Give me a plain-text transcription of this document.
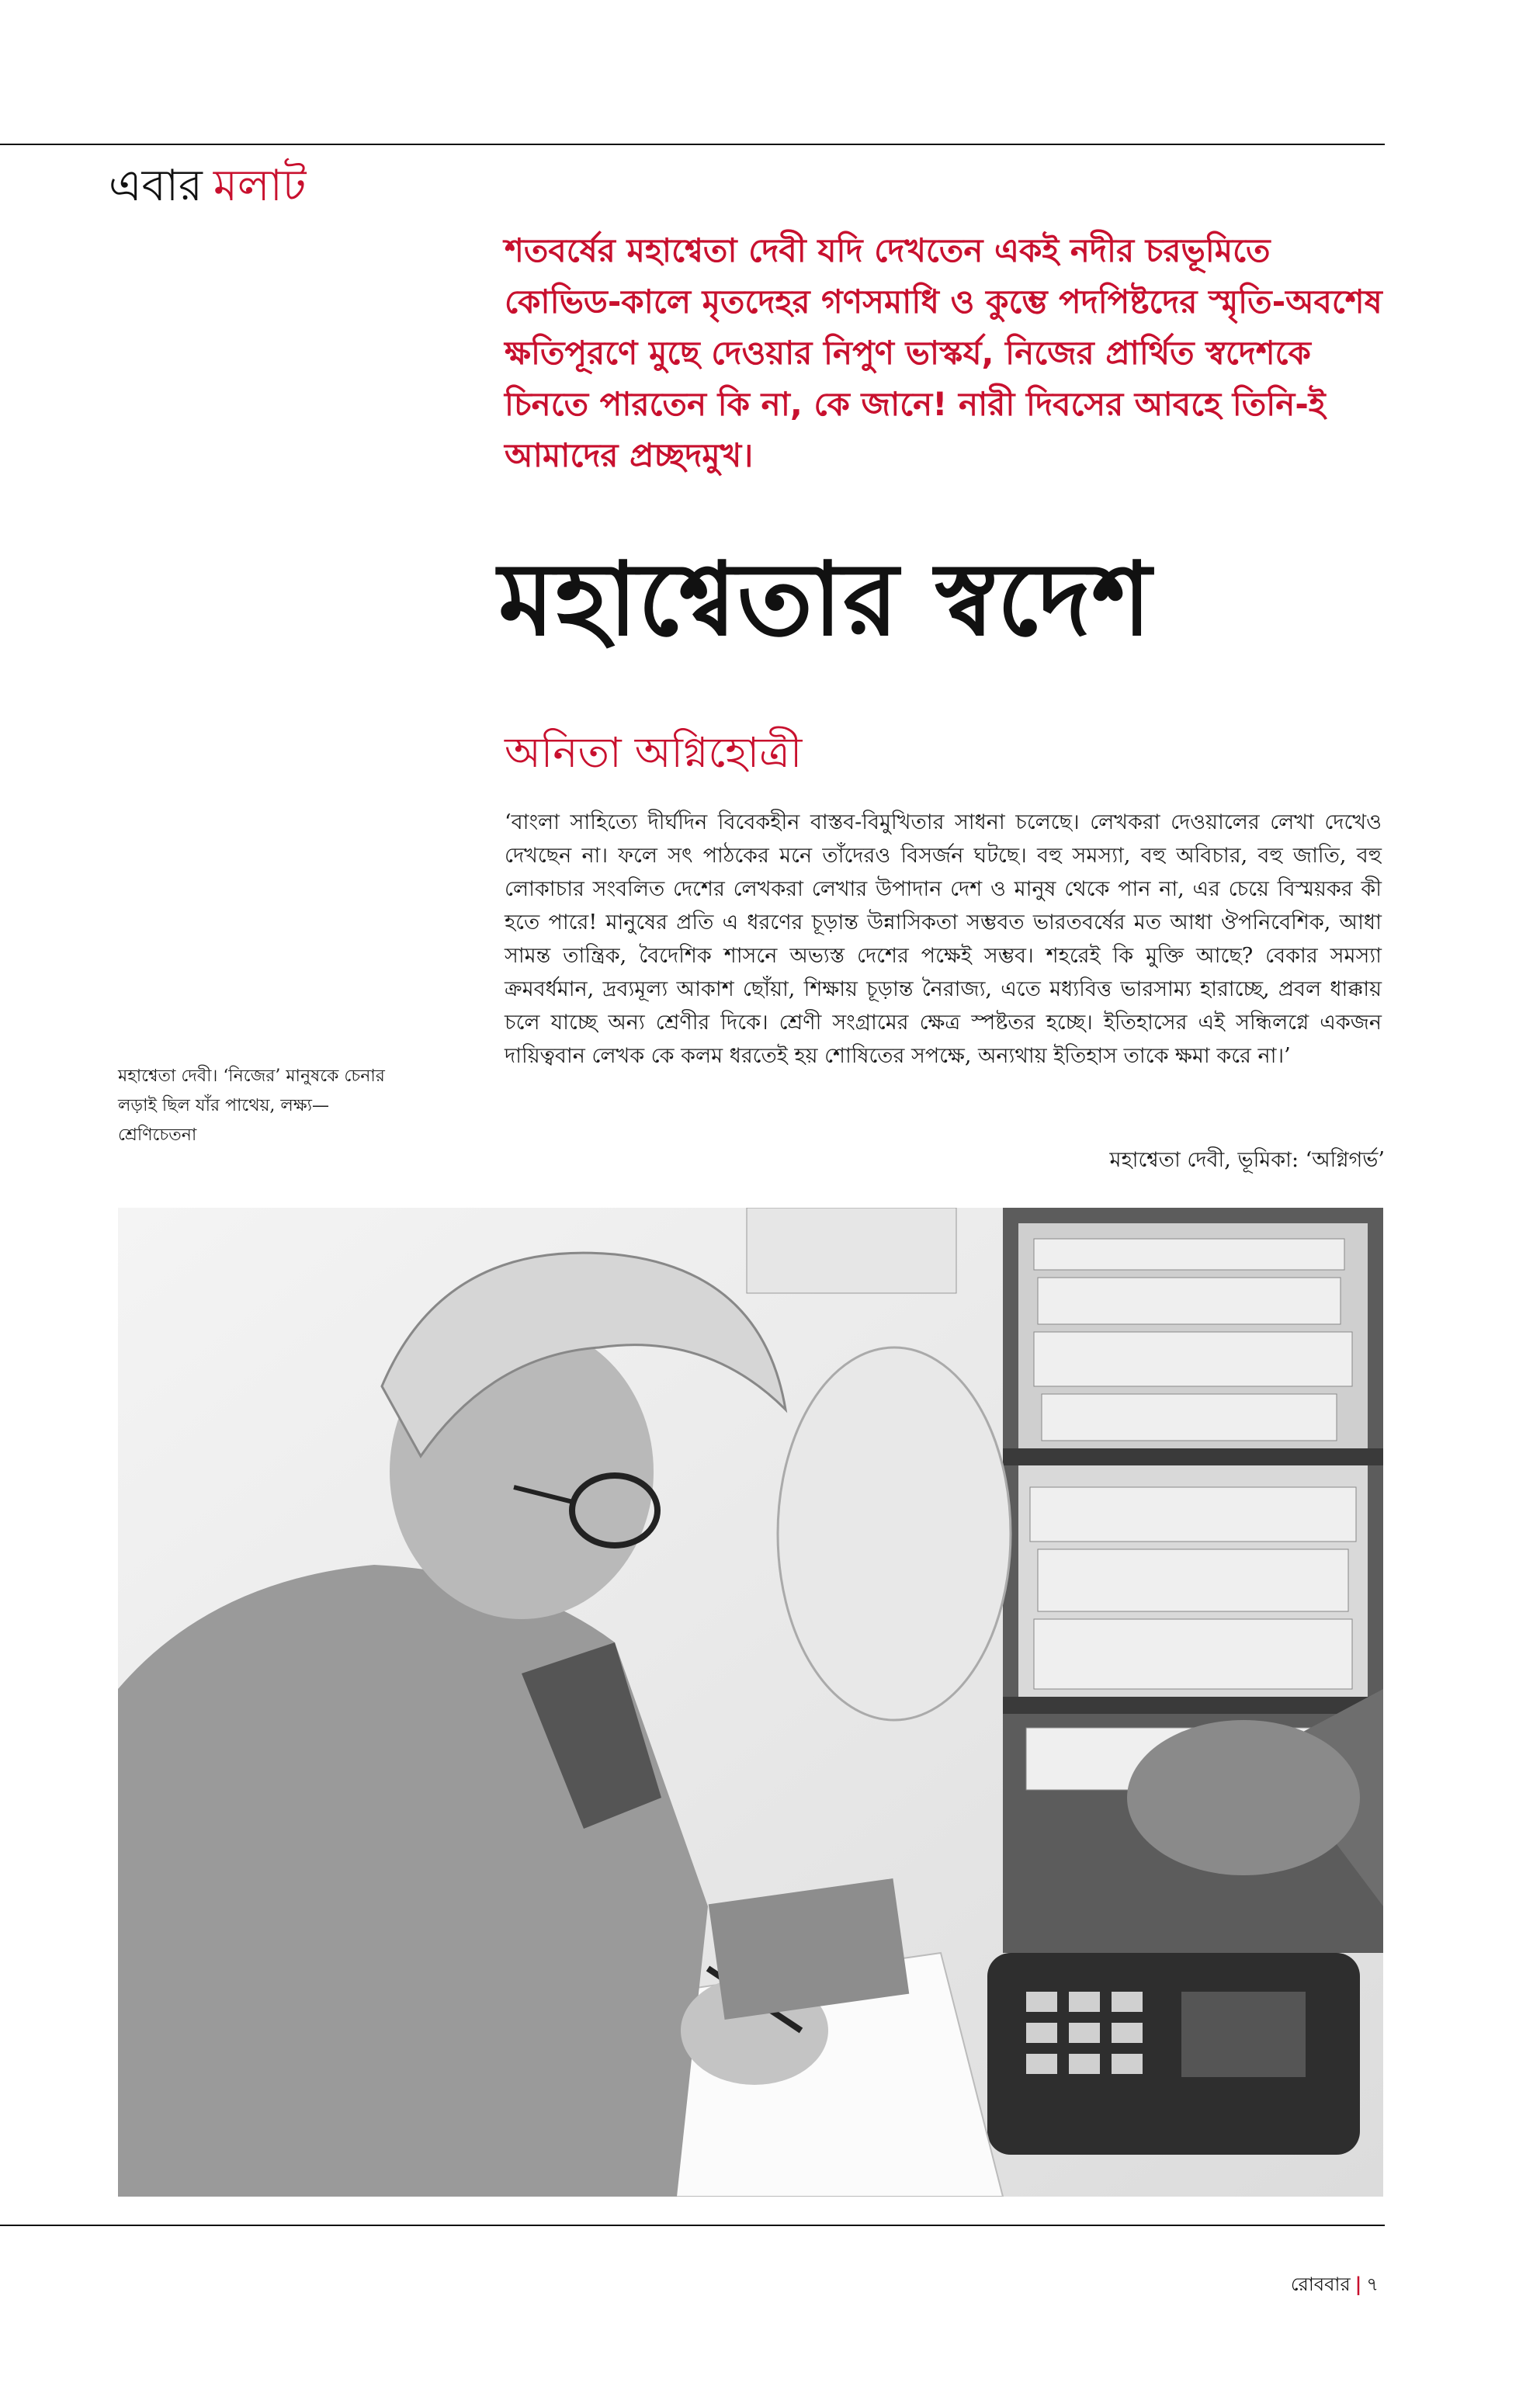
এবার মলাট

শতবর্ষের মহাশ্বেতা দেবী যদি দেখতেন একই নদীর চরভূমিতে কোভিড-কালে মৃতদেহর গণসমাধি ও কুম্ভে পদপিষ্টদের স্মৃতি-অবশেষ ক্ষতিপূরণে মুছে দেওয়ার নিপুণ ভাস্কর্য, নিজের প্রার্থিত স্বদেশকে চিনতে পারতেন কি না, কে জানে! নারী দিবসের আবহে তিনি-ই আমাদের প্রচ্ছদমুখ।

মহাশ্বেতার স্বদেশ

অনিতা অগ্নিহোত্রী

‘বাংলা সাহিত্যে দীর্ঘদিন বিবেকহীন বাস্তব-বিমুখিতার সাধনা চলেছে। লেখকরা দেওয়ালের লেখা দেখেও দেখছেন না। ফলে সৎ পাঠকের মনে তাঁদেরও বিসর্জন ঘটছে। বহু সমস্যা, বহু অবিচার, বহু জাতি, বহু লোকাচার সংবলিত দেশের লেখকরা লেখার উপাদান দেশ ও মানুষ থেকে পান না, এর চেয়ে বিস্ময়কর কী হতে পারে! মানুষের প্রতি এ ধরণের চূড়ান্ত উন্নাসিকতা সম্ভবত ভারতবর্ষের মত আধা ঔপনিবেশিক, আধা সামন্ত তান্ত্রিক, বৈদেশিক শাসনে অভ্যস্ত দেশের পক্ষেই সম্ভব। শহরেই কি মুক্তি আছে? বেকার সমস্যা ক্রমবর্ধমান, দ্রব্যমূল্য আকাশ ছোঁয়া, শিক্ষায় চূড়ান্ত নৈরাজ্য, এতে মধ্যবিত্ত ভারসাম্য হারাচ্ছে, প্রবল ধাক্কায় চলে যাচ্ছে অন্য শ্রেণীর দিকে। শ্রেণী সংগ্রামের ক্ষেত্র স্পষ্টতর হচ্ছে। ইতিহাসের এই সন্ধিলগ্নে একজন দায়িত্ববান লেখক কে কলম ধরতেই হয় শোষিতের সপক্ষে, অন্যথায় ইতিহাস তাকে ক্ষমা করে না।’

মহাশ্বেতা দেবী, ভূমিকা: ‘অগ্নিগর্ভ’

মহাশ্বেতা দেবী। ‘নিজের’ মানুষকে চেনার লড়াই ছিল যাঁর পাথেয়, লক্ষ্য— শ্রেণিচেতনা

রোববার | ৭
